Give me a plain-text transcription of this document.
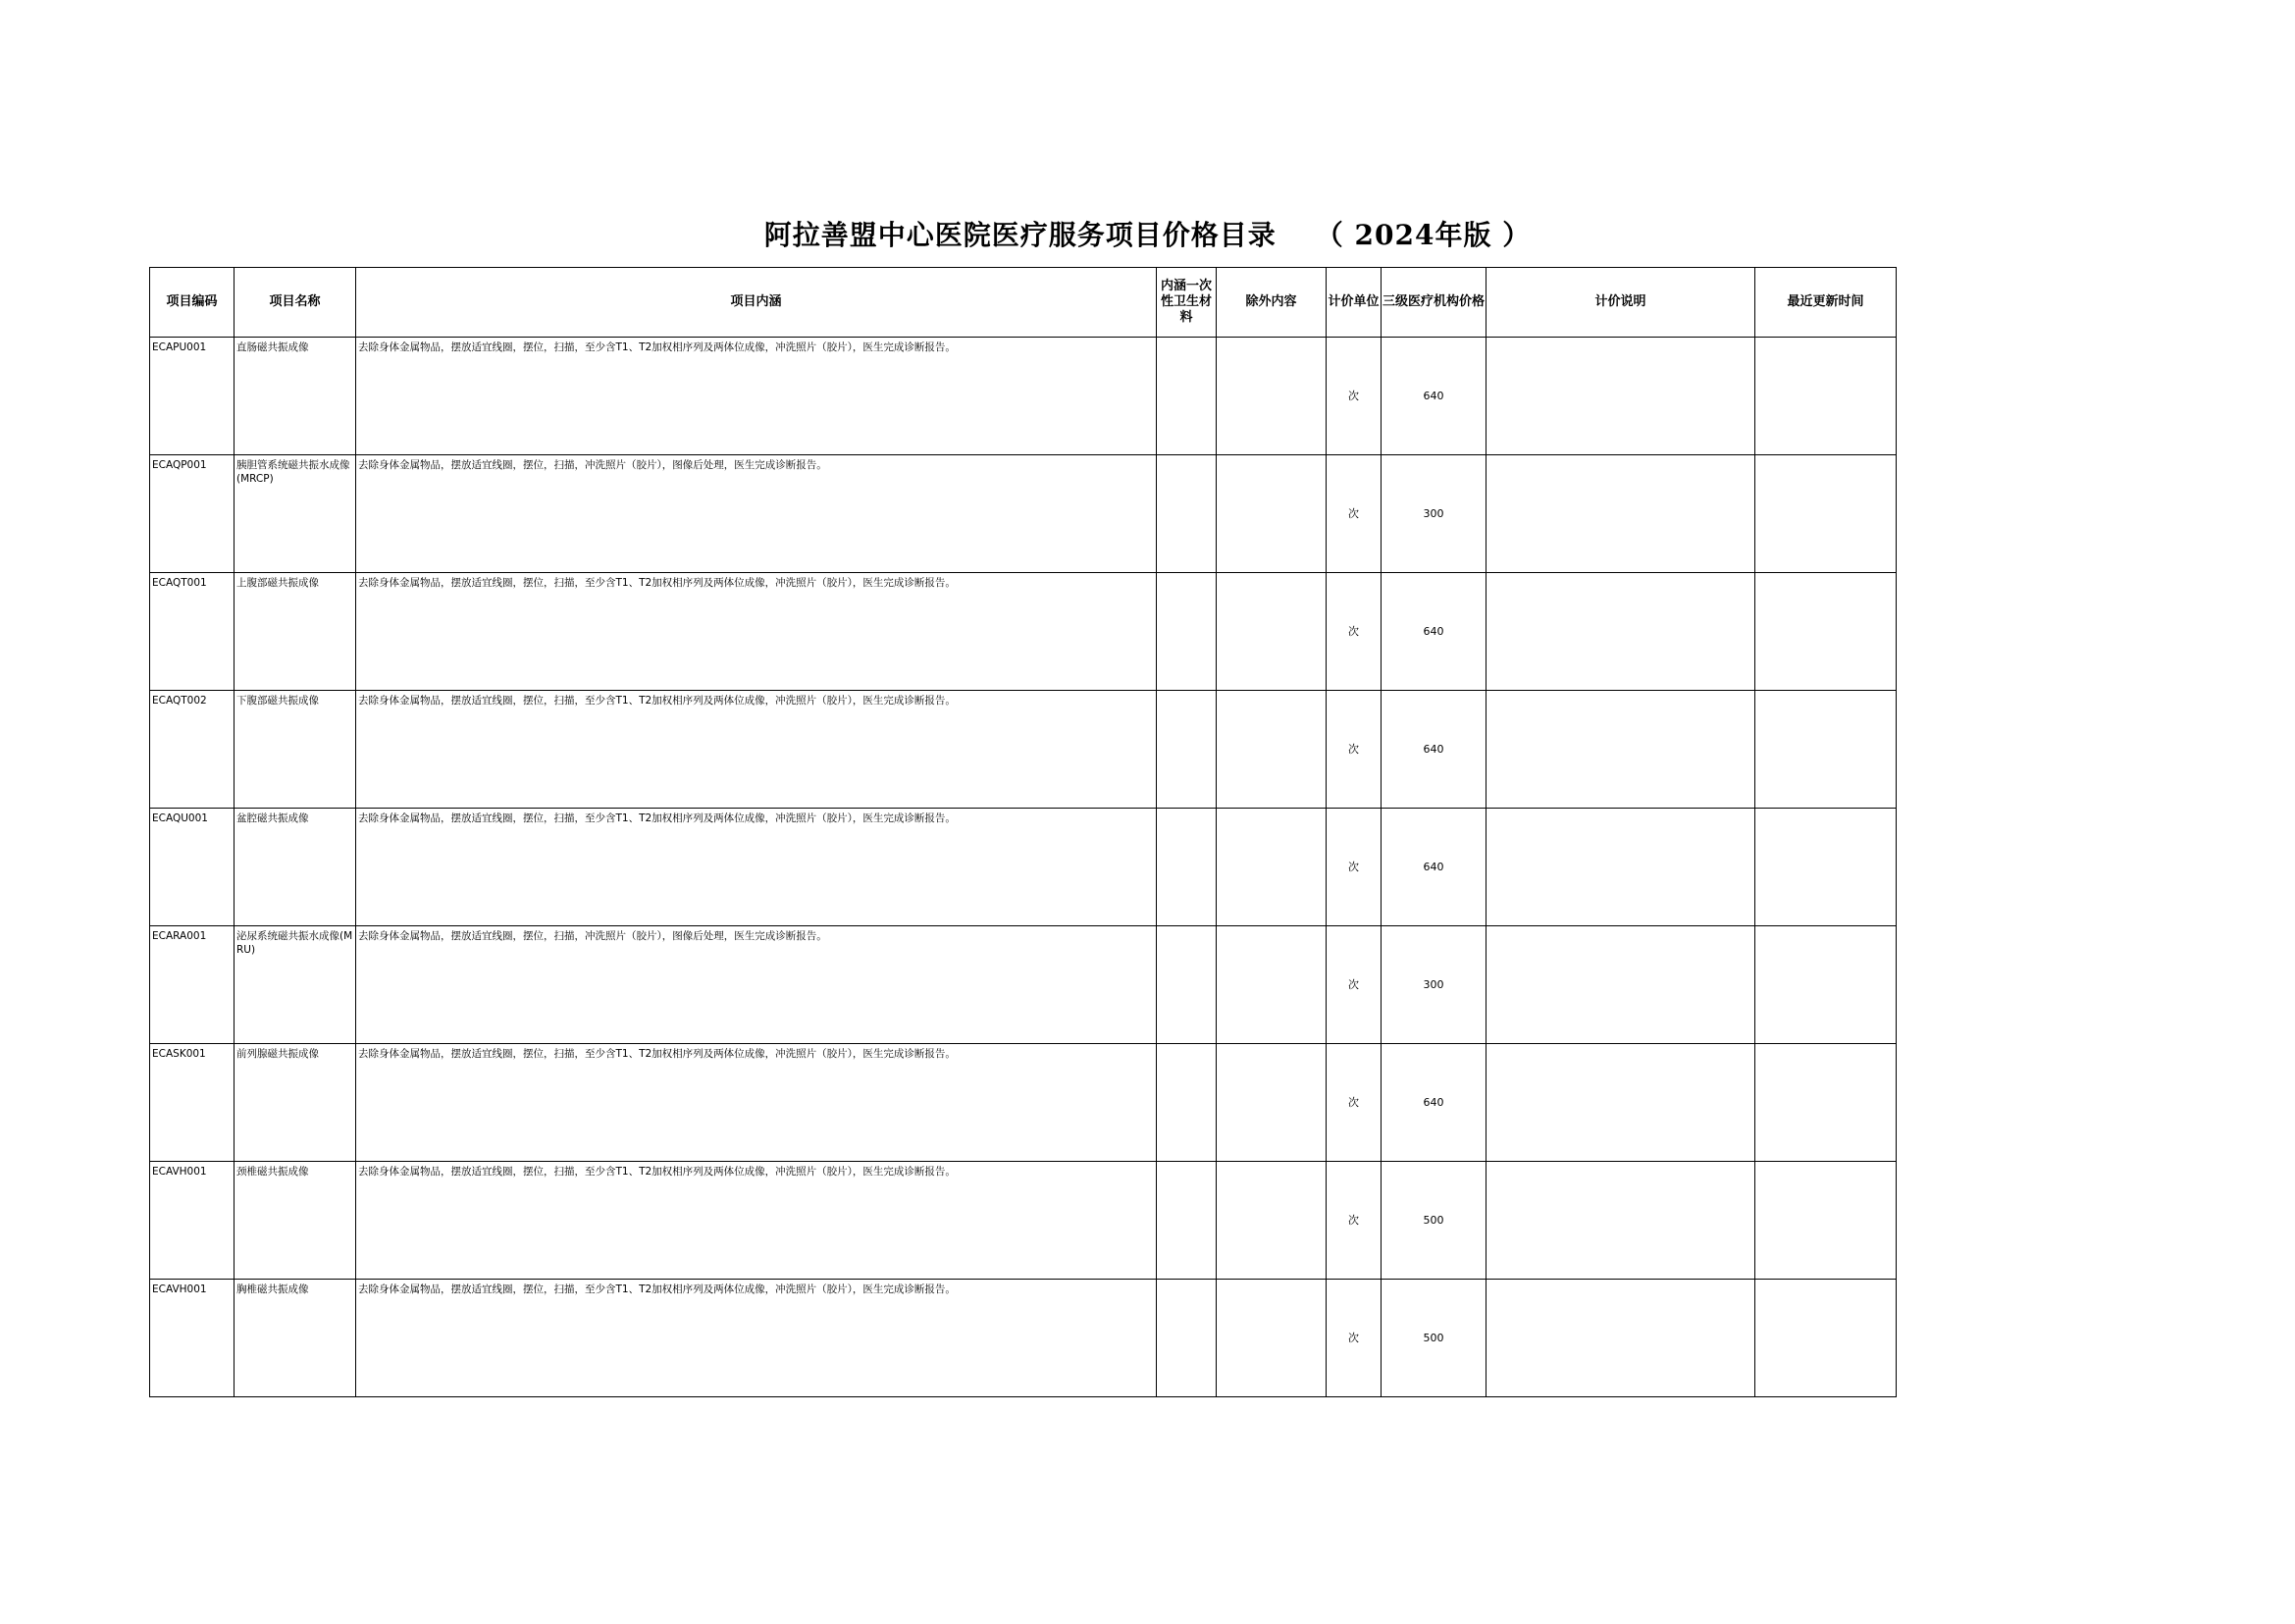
阿拉善盟中心医院医疗服务项目价格目录 （ 2024年版 ）
项目编码	项目名称	项目内涵	内涵一次性卫生材料	除外内容	计价单位	三级医疗机构价格	计价说明	最近更新时间
ECAPU001	直肠磁共振成像	去除身体金属物品，摆放适宜线圈，摆位，扫描，至少含T1、T2加权相序列及两体位成像，冲洗照片（胶片），医生完成诊断报告。			次	640		
ECAQP001	胰胆管系统磁共振水成像(MRCP)	去除身体金属物品，摆放适宜线圈，摆位，扫描，冲洗照片（胶片），图像后处理，医生完成诊断报告。			次	300		
ECAQT001	上腹部磁共振成像	去除身体金属物品，摆放适宜线圈，摆位，扫描，至少含T1、T2加权相序列及两体位成像，冲洗照片（胶片），医生完成诊断报告。			次	640		
ECAQT002	下腹部磁共振成像	去除身体金属物品，摆放适宜线圈，摆位，扫描，至少含T1、T2加权相序列及两体位成像，冲洗照片（胶片），医生完成诊断报告。			次	640		
ECAQU001	盆腔磁共振成像	去除身体金属物品，摆放适宜线圈，摆位，扫描，至少含T1、T2加权相序列及两体位成像，冲洗照片（胶片），医生完成诊断报告。			次	640		
ECARA001	泌尿系统磁共振水成像(MRU)	去除身体金属物品，摆放适宜线圈，摆位，扫描，冲洗照片（胶片），图像后处理，医生完成诊断报告。			次	300		
ECASK001	前列腺磁共振成像	去除身体金属物品，摆放适宜线圈，摆位，扫描，至少含T1、T2加权相序列及两体位成像，冲洗照片（胶片），医生完成诊断报告。			次	640		
ECAVH001	颈椎磁共振成像	去除身体金属物品，摆放适宜线圈，摆位，扫描，至少含T1、T2加权相序列及两体位成像，冲洗照片（胶片），医生完成诊断报告。			次	500		
ECAVH001	胸椎磁共振成像	去除身体金属物品，摆放适宜线圈，摆位，扫描，至少含T1、T2加权相序列及两体位成像，冲洗照片（胶片），医生完成诊断报告。			次	500		
